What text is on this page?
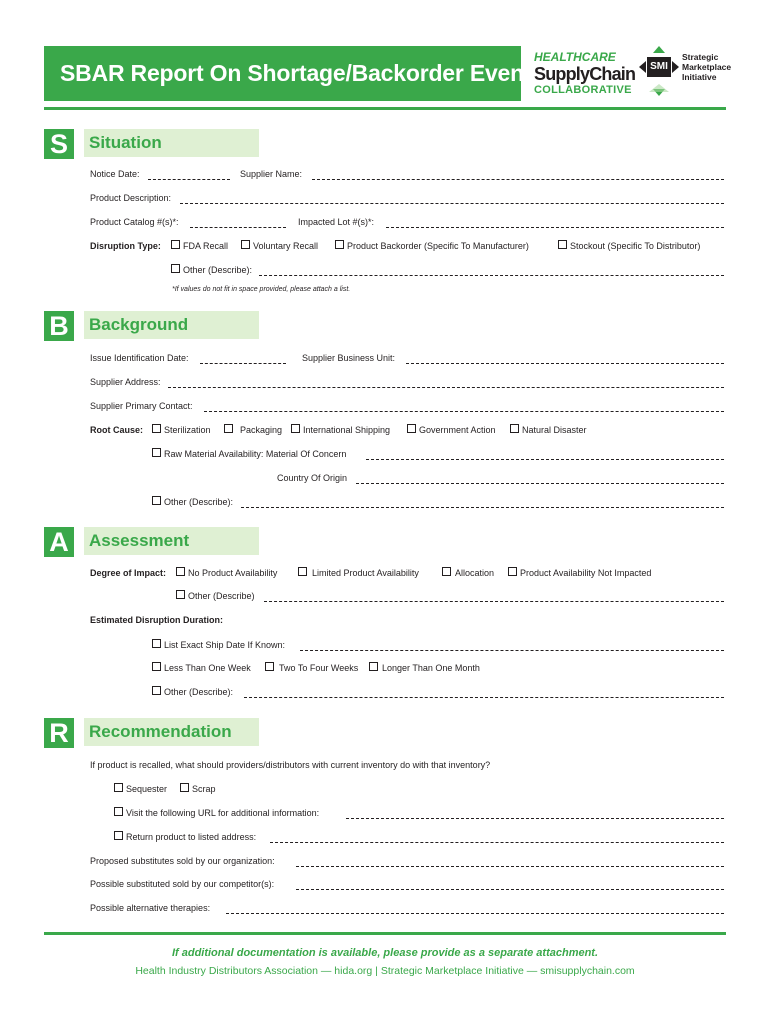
SBAR Report On Shortage/Backorder Event
HEALTHCARE
SupplyChain
COLLABORATIVE
SMI
Strategic
Marketplace
Initiative
S	Situation
Notice Date:	Supplier Name:
Product Description:
Product Catalog #(s)*:	Impacted Lot #(s)*:
Disruption Type: FDA Recall	Voluntary Recall	Product Backorder (Specific To Manufacturer)	Stockout (Specific To Distributor)
Other (Describe):
*If values do not fit in space provided, please attach a list.
B	Background
Issue Identification Date:	Supplier Business Unit:
Supplier Address:
Supplier Primary Contact:
Root Cause: Sterilization	Packaging International Shipping	Government Action	Natural Disaster
Raw Material Availability: Material Of Concern
Country Of Origin
Other (Describe):
A	Assessment
Degree of Impact: No Product Availability	Limited Product Availability	Allocation	Product Availability Not Impacted
Other (Describe)
Estimated Disruption Duration:
List Exact Ship Date If Known:
Less Than One Week	Two To Four Weeks	Longer Than One Month
Other (Describe):
R	Recommendation
If product is recalled, what should providers/distributors with current inventory do with that inventory?
Sequester	Scrap
Visit the following URL for additional information:
Return product to listed address:
Proposed substitutes sold by our organization:
Possible substituted sold by our competitor(s):
Possible alternative therapies:
If additional documentation is available, please provide as a separate attachment.
Health Industry Distributors Association — hida.org | Strategic Marketplace Initiative — smisupplychain.com
